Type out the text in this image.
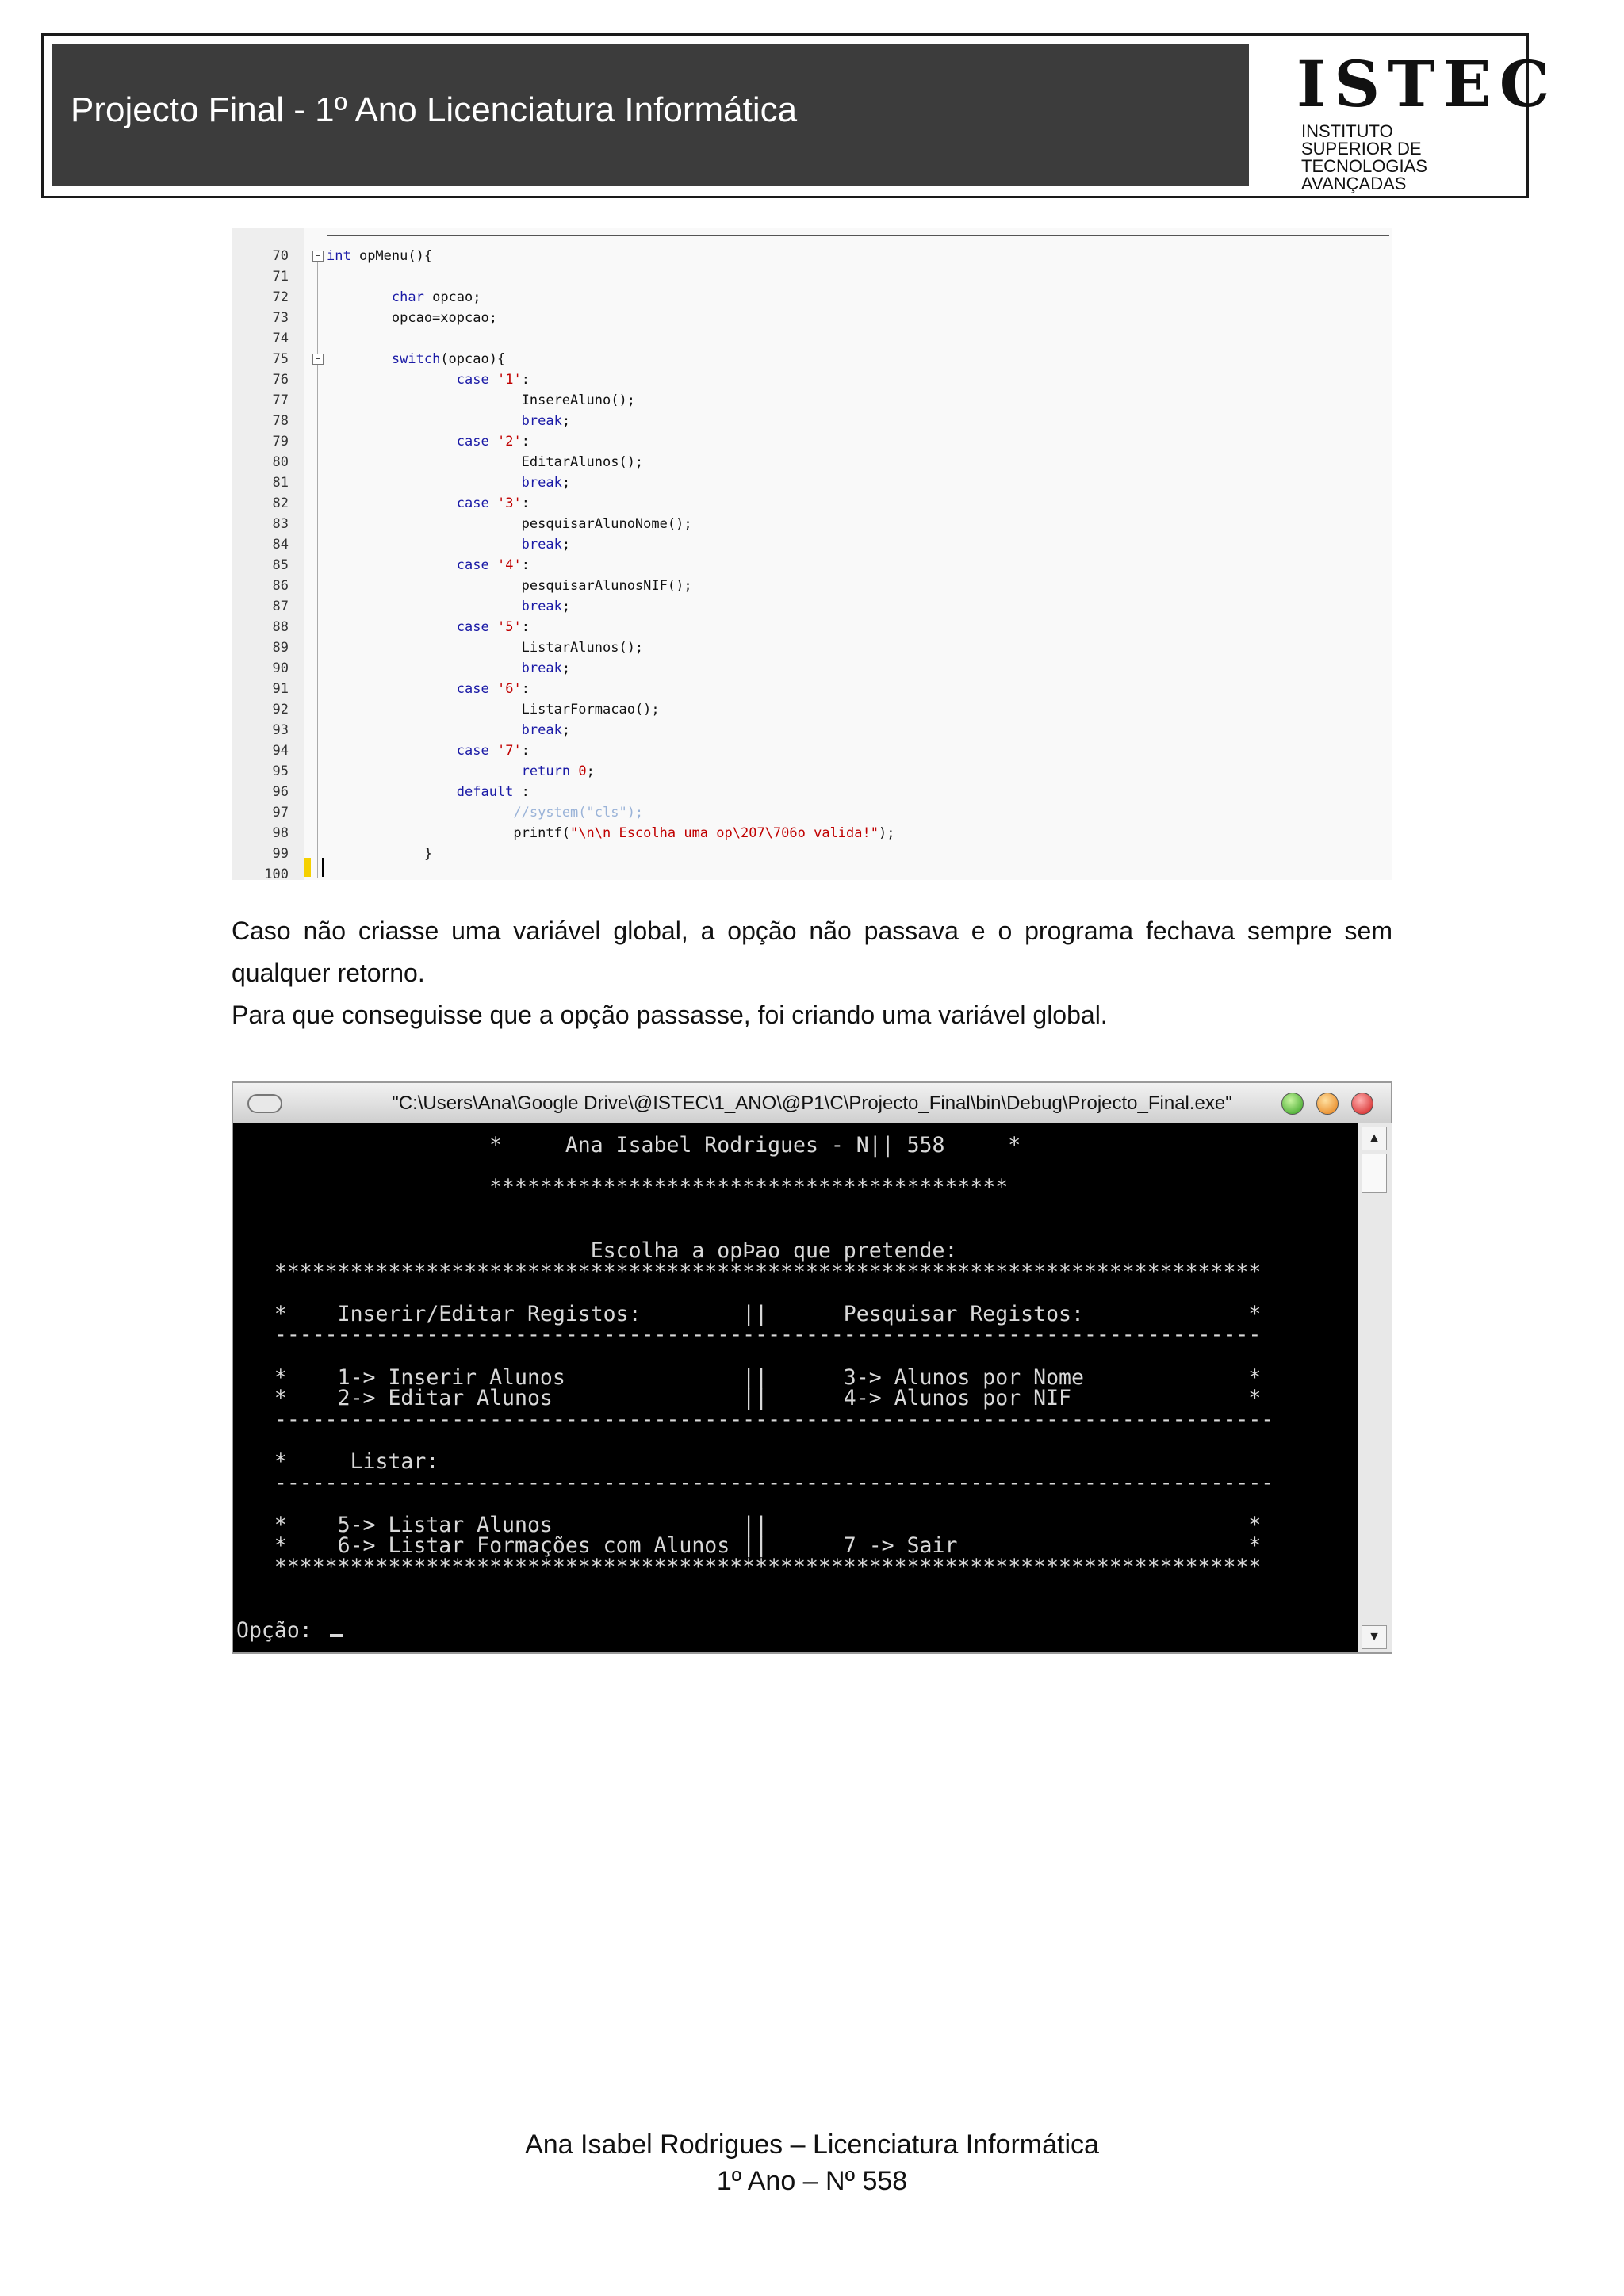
Projecto Final - 1º Ano Licenciatura Informática	ISTEC
INSTITUTO
SUPERIOR DE
TECNOLOGIAS
AVANÇADAS
70	− int opMenu(){
71
72	char opcao;
73	opcao=xopcao;
74
75	−	switch(opcao){
76	case '1':
77	InsereAluno();
78	break;
79	case '2':
80	EditarAlunos();
81	break;
82	case '3':
83	pesquisarAlunoNome();
84	break;
85	case '4':
86	pesquisarAlunosNIF();
87	break;
88	case '5':
89	ListarAlunos();
90	break;
91	case '6':
92	ListarFormacao();
93	break;
94	case '7':
95	return 0;
96	default :
97	//system("cls");
98	printf("\n\n Escolha uma op\207\706o valida!");
99	}
100
Caso não criasse uma variável global, a opção não passava e o programa fechava sempre sem qualquer retorno.
Para que conseguisse que a opção passasse, foi criando uma variável global.
"C:\Users\Ana\Google Drive\@ISTEC\1_ANO\@P1\C\Projecto_Final\bin\Debug\Projecto_Final.exe"
*     Ana Isabel Rodrigues - N|| 558     *
*****************************************
Escolha a opÞao que pretende:
******************************************************************************
*    Inserir/Editar Registos:        ||      Pesquisar Registos:             *
------------------------------------------------------------------------------
*    1-> Inserir Alunos              ||      3-> Alunos por Nome             *
*    2-> Editar Alunos               ||      4-> Alunos por NIF              *
-------------------------------------------------------------------------------
*     Listar:
-------------------------------------------------------------------------------
*    5-> Listar Alunos               ||                                      *
*    6-> Listar Formações com Alunos ||      7 -> Sair                       *
******************************************************************************
Opção:
▲
▼
Ana Isabel Rodrigues – Licenciatura Informática
1º Ano – Nº 558
